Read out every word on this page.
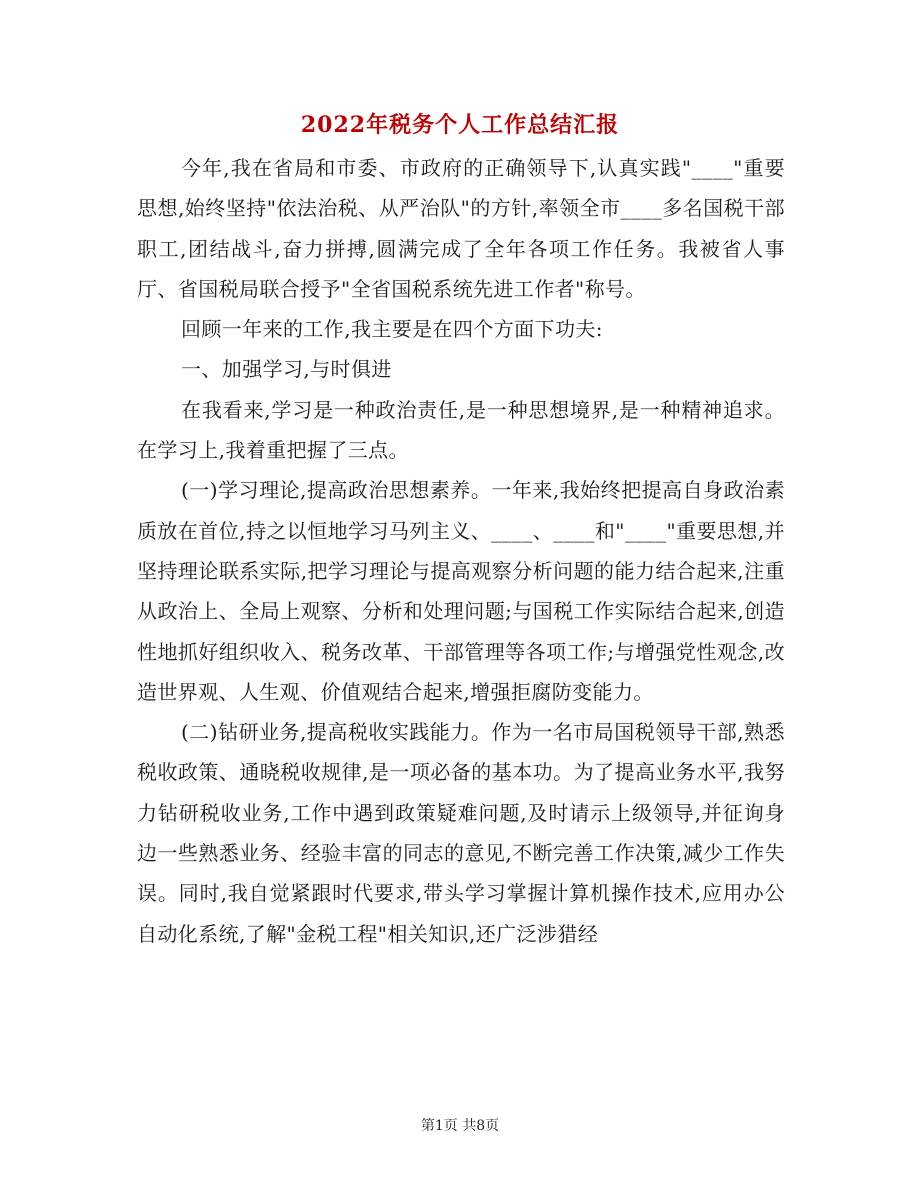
2022年税务个人工作总结汇报

今年,我在省局和市委、市政府的正确领导下,认真实践"____"重要思想,始终坚持"依法治税、从严治队"的方针,率领全市____多名国税干部职工,团结战斗,奋力拼搏,圆满完成了全年各项工作任务。我被省人事厅、省国税局联合授予"全省国税系统先进工作者"称号。

回顾一年来的工作,我主要是在四个方面下功夫:

一、加强学习,与时俱进

在我看来,学习是一种政治责任,是一种思想境界,是一种精神追求。在学习上,我着重把握了三点。

(一)学习理论,提高政治思想素养。一年来,我始终把提高自身政治素质放在首位,持之以恒地学习马列主义、____、____和"____"重要思想,并坚持理论联系实际,把学习理论与提高观察分析问题的能力结合起来,注重从政治上、全局上观察、分析和处理问题;与国税工作实际结合起来,创造性地抓好组织收入、税务改革、干部管理等各项工作;与增强党性观念,改造世界观、人生观、价值观结合起来,增强拒腐防变能力。

(二)钻研业务,提高税收实践能力。作为一名市局国税领导干部,熟悉税收政策、通晓税收规律,是一项必备的基本功。为了提高业务水平,我努力钻研税收业务,工作中遇到政策疑难问题,及时请示上级领导,并征询身边一些熟悉业务、经验丰富的同志的意见,不断完善工作决策,减少工作失误。同时,我自觉紧跟时代要求,带头学习掌握计算机操作技术,应用办公自动化系统,了解"金税工程"相关知识,还广泛涉猎经

第1页 共8页
